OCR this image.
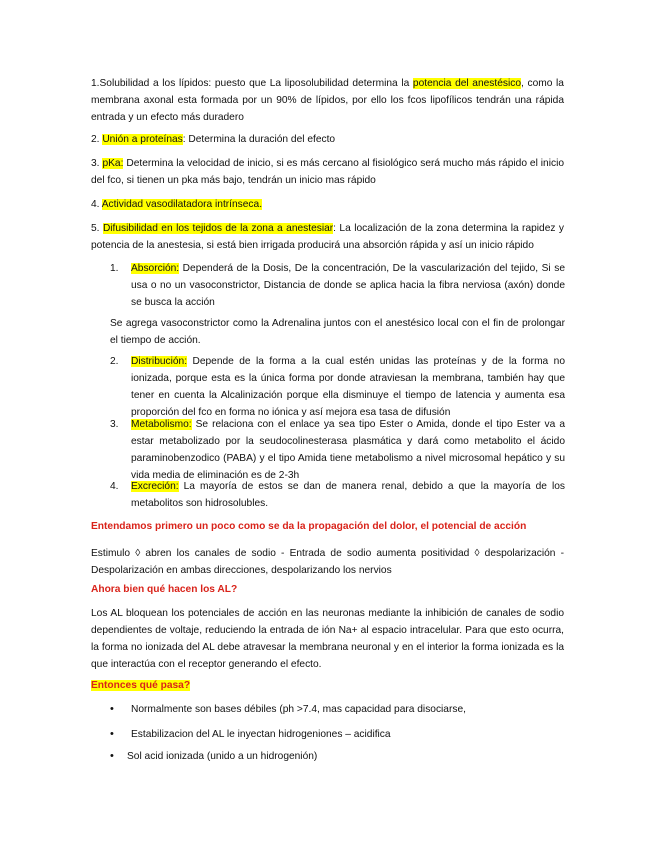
1.Solubilidad a los lípidos: puesto que La liposolubilidad determina la potencia del anestésico, como la membrana axonal esta formada por un 90% de lípidos, por ello los fcos lipofílicos tendrán una rápida entrada y un efecto más duradero

2. Unión a proteínas: Determina la duración del efecto

3. pKa: Determina la velocidad de inicio, si es más cercano al fisiológico será mucho más rápido el inicio del fco, si tienen un pka más bajo, tendrán un inicio mas rápido

4. Actividad vasodilatadora intrínseca.

5. Difusibilidad en los tejidos de la zona a anestesiar: La localización de la zona determina la rapidez y potencia de la anestesia, si está bien irrigada producirá una absorción rápida y así un inicio rápido

1. Absorción: Dependerá de la Dosis, De la concentración, De la vascularización del tejido, Si se usa o no un vasoconstrictor, Distancia de donde se aplica hacia la fibra nerviosa (axón) donde se busca la acción

Se agrega vasoconstrictor como la Adrenalina juntos con el anestésico local con el fin de prolongar el tiempo de acción.

2. Distribución: Depende de la forma a la cual estén unidas las proteínas y de la forma no ionizada, porque esta es la única forma por donde atraviesan la membrana, también hay que tener en cuenta la Alcalinización porque ella disminuye el tiempo de latencia y aumenta esa proporción del fco en forma no iónica y así mejora esa tasa de difusión

3. Metabolismo: Se relaciona con el enlace ya sea tipo Ester o Amida, donde el tipo Ester va a estar metabolizado por la seudocolinesterasa plasmática y dará como metabolito el ácido paraminobenzodico (PABA) y el tipo Amida tiene metabolismo a nivel microsomal hepático y su vida media de eliminación es de 2-3h

4. Excreción: La mayoría de estos se dan de manera renal, debido a que la mayoría de los metabolitos son hidrosolubles.

Entendamos primero un poco como se da la propagación del dolor, el potencial de acción

Estimulo ◊ abren los canales de sodio - Entrada de sodio aumenta positividad ◊ despolarización - Despolarización en ambas direcciones, despolarizando los nervios

Ahora bien qué hacen los AL?

Los AL bloquean los potenciales de acción en las neuronas mediante la inhibición de canales de sodio dependientes de voltaje, reduciendo la entrada de ión Na+ al espacio intracelular. Para que esto ocurra, la forma no ionizada del AL debe atravesar la membrana neuronal y en el interior la forma ionizada es la que interactúa con el receptor generando el efecto.

Entonces qué pasa?

• Normalmente son bases débiles (ph >7.4, mas capacidad para disociarse,

• Estabilizacion del AL le inyectan hidrogeniones – acidifica

• Sol acid ionizada (unido a un hidrogenión)
